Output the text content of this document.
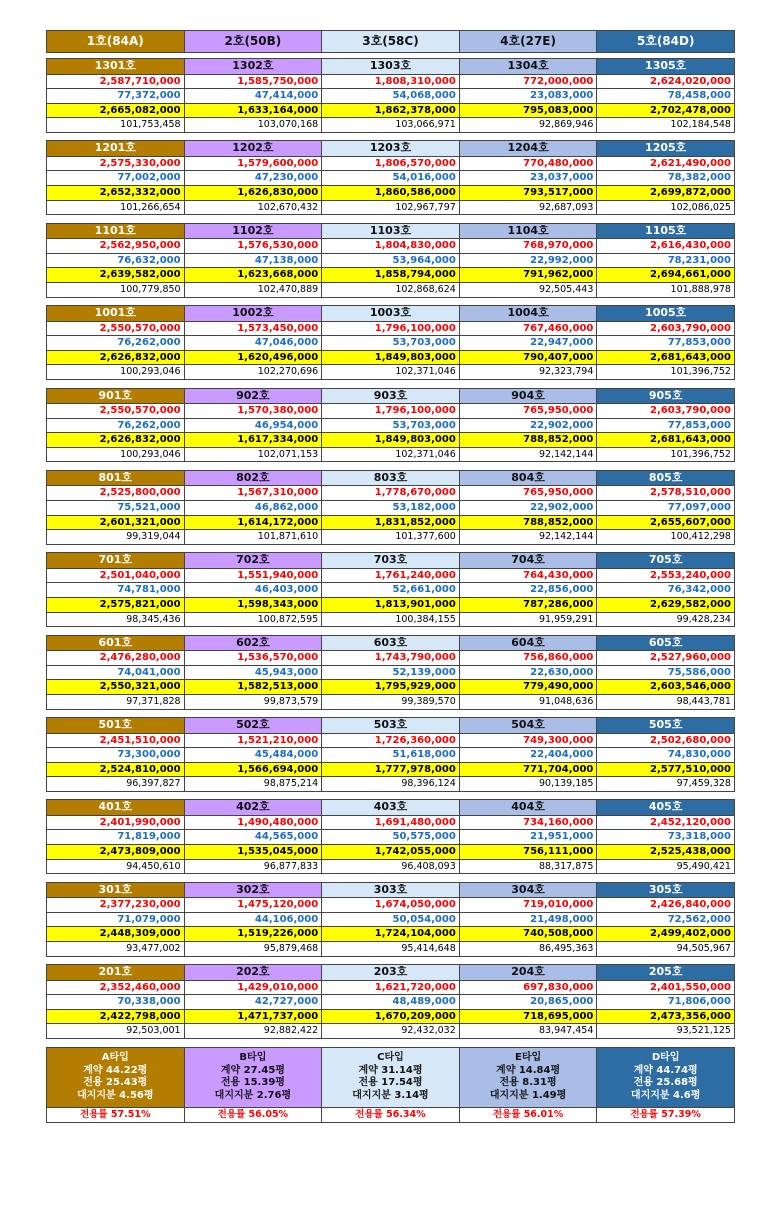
1호(84A)	2호(50B)	3호(58C)	4호(27E)	5호(84D)

1301호	1302호	1303호	1304호	1305호
2,587,710,000	1,585,750,000	1,808,310,000	772,000,000	2,624,020,000
77,372,000	47,414,000	54,068,000	23,083,000	78,458,000
2,665,082,000	1,633,164,000	1,862,378,000	795,083,000	2,702,478,000
101,753,458	103,070,168	103,066,971	92,869,946	102,184,548

1201호	1202호	1203호	1204호	1205호
2,575,330,000	1,579,600,000	1,806,570,000	770,480,000	2,621,490,000
77,002,000	47,230,000	54,016,000	23,037,000	78,382,000
2,652,332,000	1,626,830,000	1,860,586,000	793,517,000	2,699,872,000
101,266,654	102,670,432	102,967,797	92,687,093	102,086,025

1101호	1102호	1103호	1104호	1105호
2,562,950,000	1,576,530,000	1,804,830,000	768,970,000	2,616,430,000
76,632,000	47,138,000	53,964,000	22,992,000	78,231,000
2,639,582,000	1,623,668,000	1,858,794,000	791,962,000	2,694,661,000
100,779,850	102,470,889	102,868,624	92,505,443	101,888,978

1001호	1002호	1003호	1004호	1005호
2,550,570,000	1,573,450,000	1,796,100,000	767,460,000	2,603,790,000
76,262,000	47,046,000	53,703,000	22,947,000	77,853,000
2,626,832,000	1,620,496,000	1,849,803,000	790,407,000	2,681,643,000
100,293,046	102,270,696	102,371,046	92,323,794	101,396,752

901호	902호	903호	904호	905호
2,550,570,000	1,570,380,000	1,796,100,000	765,950,000	2,603,790,000
76,262,000	46,954,000	53,703,000	22,902,000	77,853,000
2,626,832,000	1,617,334,000	1,849,803,000	788,852,000	2,681,643,000
100,293,046	102,071,153	102,371,046	92,142,144	101,396,752

801호	802호	803호	804호	805호
2,525,800,000	1,567,310,000	1,778,670,000	765,950,000	2,578,510,000
75,521,000	46,862,000	53,182,000	22,902,000	77,097,000
2,601,321,000	1,614,172,000	1,831,852,000	788,852,000	2,655,607,000
99,319,044	101,871,610	101,377,600	92,142,144	100,412,298

701호	702호	703호	704호	705호
2,501,040,000	1,551,940,000	1,761,240,000	764,430,000	2,553,240,000
74,781,000	46,403,000	52,661,000	22,856,000	76,342,000
2,575,821,000	1,598,343,000	1,813,901,000	787,286,000	2,629,582,000
98,345,436	100,872,595	100,384,155	91,959,291	99,428,234

601호	602호	603호	604호	605호
2,476,280,000	1,536,570,000	1,743,790,000	756,860,000	2,527,960,000
74,041,000	45,943,000	52,139,000	22,630,000	75,586,000
2,550,321,000	1,582,513,000	1,795,929,000	779,490,000	2,603,546,000
97,371,828	99,873,579	99,389,570	91,048,636	98,443,781

501호	502호	503호	504호	505호
2,451,510,000	1,521,210,000	1,726,360,000	749,300,000	2,502,680,000
73,300,000	45,484,000	51,618,000	22,404,000	74,830,000
2,524,810,000	1,566,694,000	1,777,978,000	771,704,000	2,577,510,000
96,397,827	98,875,214	98,396,124	90,139,185	97,459,328

401호	402호	403호	404호	405호
2,401,990,000	1,490,480,000	1,691,480,000	734,160,000	2,452,120,000
71,819,000	44,565,000	50,575,000	21,951,000	73,318,000
2,473,809,000	1,535,045,000	1,742,055,000	756,111,000	2,525,438,000
94,450,610	96,877,833	96,408,093	88,317,875	95,490,421

301호	302호	303호	304호	305호
2,377,230,000	1,475,120,000	1,674,050,000	719,010,000	2,426,840,000
71,079,000	44,106,000	50,054,000	21,498,000	72,562,000
2,448,309,000	1,519,226,000	1,724,104,000	740,508,000	2,499,402,000
93,477,002	95,879,468	95,414,648	86,495,363	94,505,967

201호	202호	203호	204호	205호
2,352,460,000	1,429,010,000	1,621,720,000	697,830,000	2,401,550,000
70,338,000	42,727,000	48,489,000	20,865,000	71,806,000
2,422,798,000	1,471,737,000	1,670,209,000	718,695,000	2,473,356,000
92,503,001	92,882,422	92,432,032	83,947,454	93,521,125

A타입
계약 44.22평
전용 25.43평
대지지분 4.56평	B타입
계약 27.45평
전용 15.39평
대지지분 2.76평	C타입
계약 31.14평
전용 17.54평
대지지분 3.14평	E타입
계약 14.84평
전용 8.31평
대지지분 1.49평	D타입
계약 44.74평
전용 25.68평
대지지분 4.6평

전용률 57.51%	전용률 56.05%	전용률 56.34%	전용률 56.01%	전용률 57.39%
